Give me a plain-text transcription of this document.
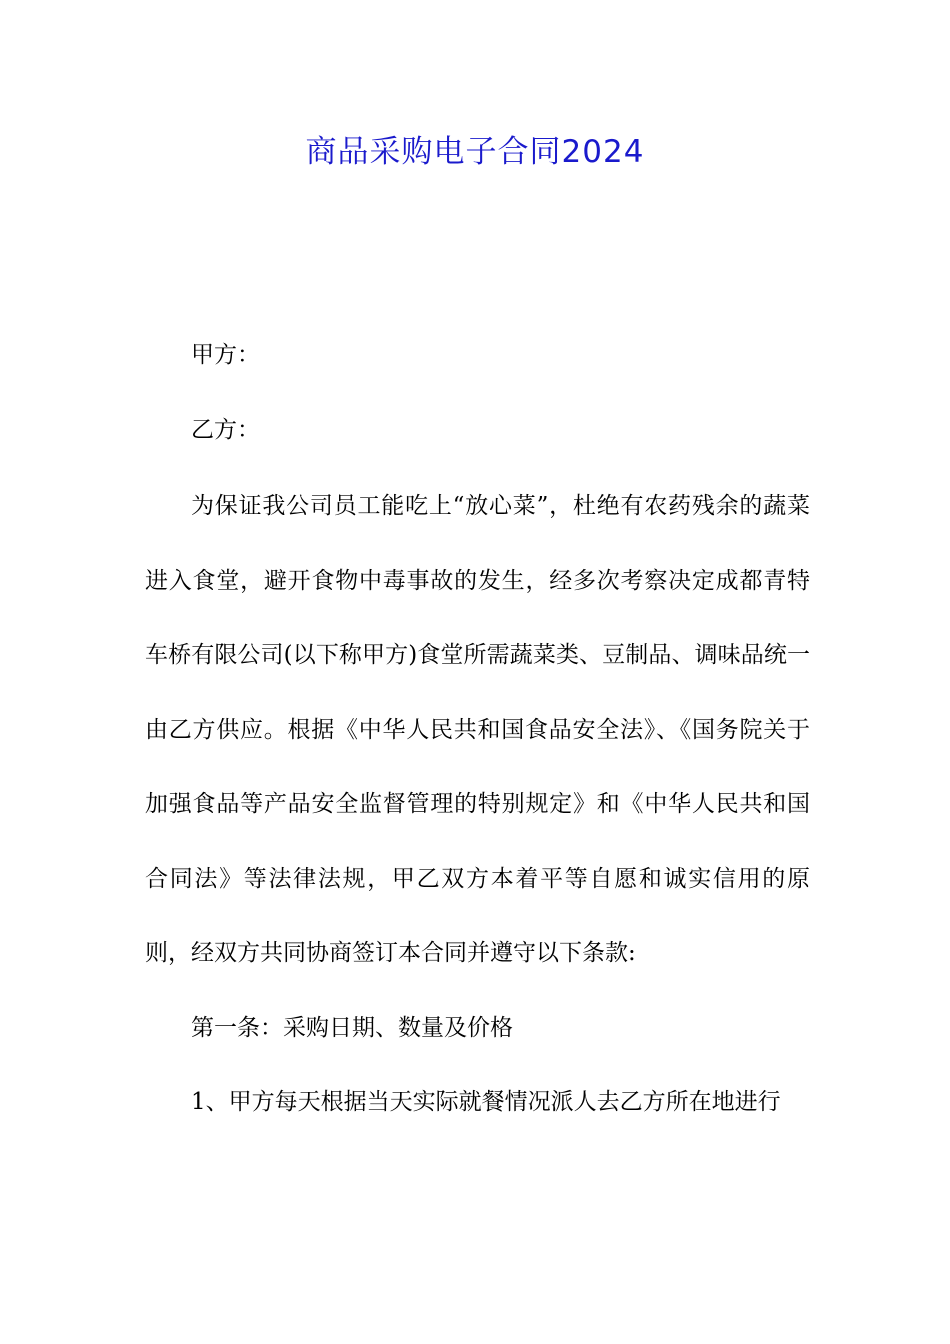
商品采购电子合同2024

甲方：

乙方：

为保证我公司员工能吃上“放心菜”，杜绝有农药残余的蔬菜进入食堂，避开食物中毒事故的发生，经多次考察决定成都青特车桥有限公司(以下称甲方)食堂所需蔬菜类、豆制品、调味品统一由乙方供应。根据《中华人民共和国食品安全法》、《国务院关于加强食品等产品安全监督管理的特别规定》和《中华人民共和国合同法》等法律法规，甲乙双方本着平等自愿和诚实信用的原则，经双方共同协商签订本合同并遵守以下条款:

第一条：采购日期、数量及价格

1、甲方每天根据当天实际就餐情况派人去乙方所在地进行
